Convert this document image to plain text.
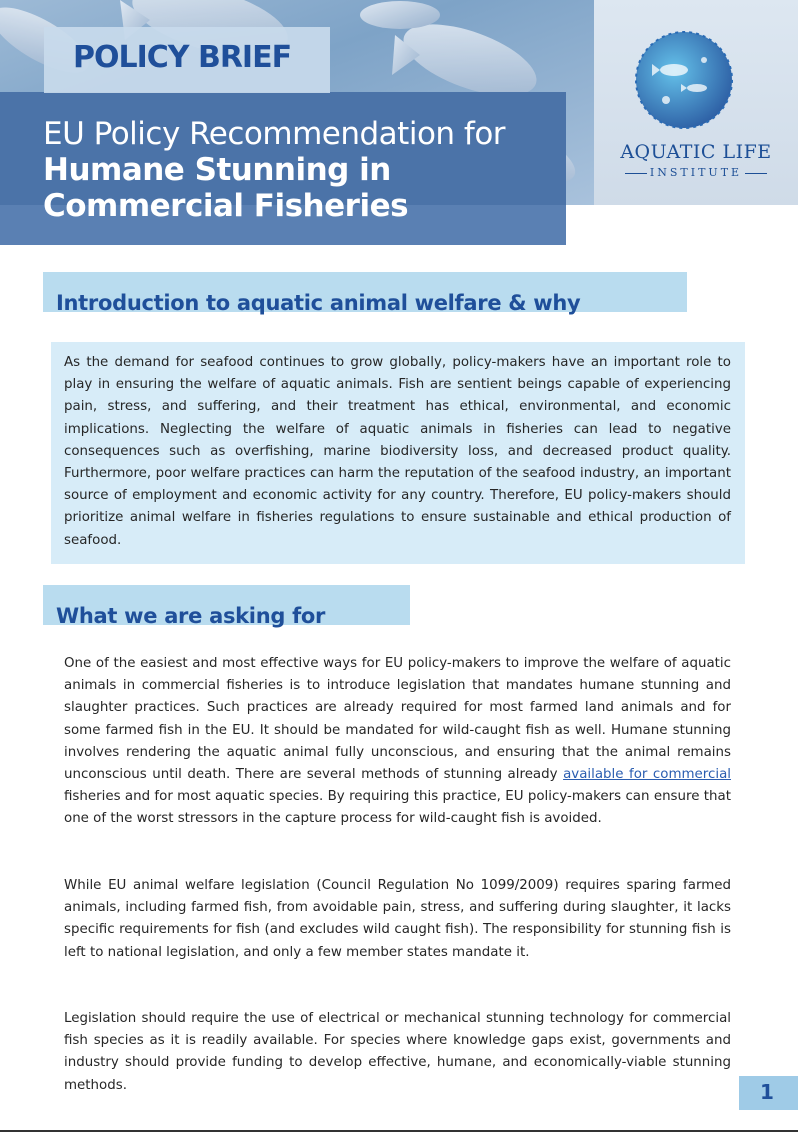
AQUATIC LIFE
INSTITUTE
POLICY BRIEF
EU Policy Recommendation for Humane Stunning in Commercial Fisheries
Introduction to aquatic animal welfare & why

As the demand for seafood continues to grow globally, policy-makers have an important role to play in ensuring the welfare of aquatic animals. Fish are sentient beings capable of experiencing pain, stress, and suffering, and their treatment has ethical, environmental, and economic implications. Neglecting the welfare of aquatic animals in fisheries can lead to negative consequences such as overfishing, marine biodiversity loss, and decreased product quality. Furthermore, poor welfare practices can harm the reputation of the seafood industry, an important source of employment and economic activity for any country. Therefore, EU policy-makers should prioritize animal welfare in fisheries regulations to ensure sustainable and ethical production of seafood.

What we are asking for

One of the easiest and most effective ways for EU policy-makers to improve the welfare of aquatic animals in commercial fisheries is to introduce legislation that mandates humane stunning and slaughter practices. Such practices are already required for most farmed land animals and for some farmed fish in the EU. It should be mandated for wild-caught fish as well. Humane stunning involves rendering the aquatic animal fully unconscious, and ensuring that the animal remains unconscious until death. There are several methods of stunning already available for commercial fisheries and for most aquatic species. By requiring this practice, EU policy-makers can ensure that one of the worst stressors in the capture process for wild-caught fish is avoided.

While EU animal welfare legislation (Council Regulation No 1099/2009) requires sparing farmed animals, including farmed fish, from avoidable pain, stress, and suffering during slaughter, it lacks specific requirements for fish (and excludes wild caught fish). The responsibility for stunning fish is left to national legislation, and only a few member states mandate it.

Legislation should require the use of electrical or mechanical stunning technology for commercial fish species as it is readily available. For species where knowledge gaps exist, governments and industry should provide funding to develop effective, humane, and economically-viable stunning methods.	1
